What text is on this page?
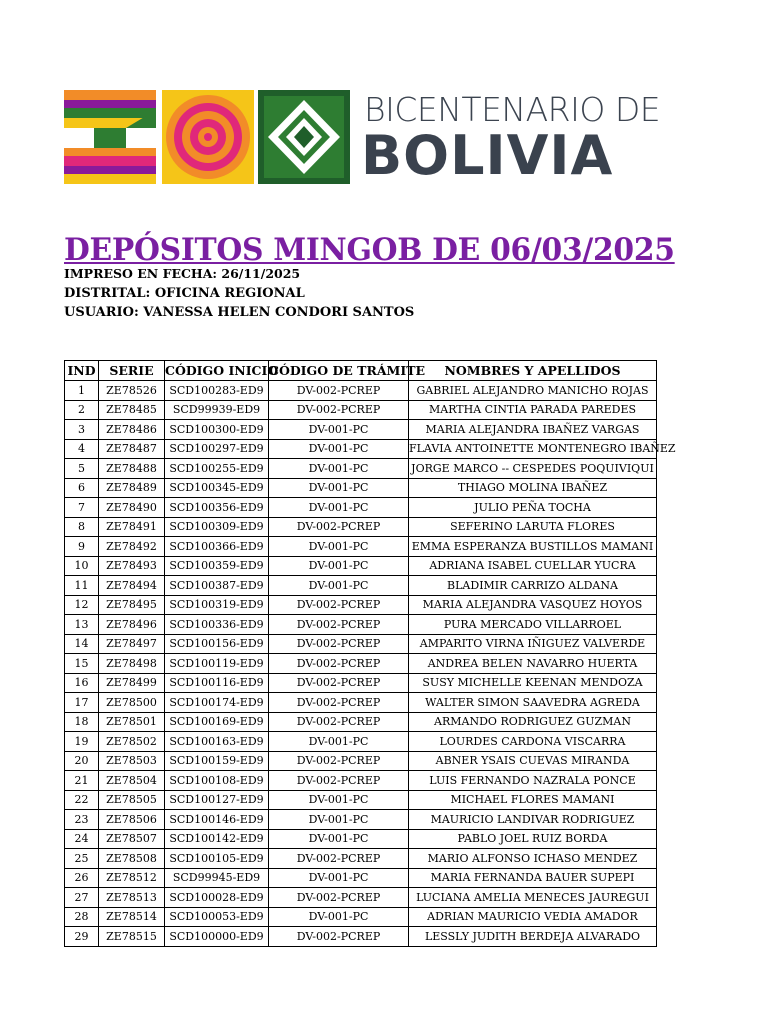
BICENTENARIO DE
BOLIVIA
DEPÓSITOS MINGOB DE 06/03/2025
IMPRESO EN FECHA: 26/11/2025
DISTRITAL: OFICINA REGIONAL
USUARIO: VANESSA HELEN CONDORI SANTOS
IND	SERIE	CÓDIGO INICIO	CÓDIGO DE TRÁMITE	NOMBRES Y APELLIDOS
1	ZE78526	SCD100283-ED9	DV-002-PCREP	GABRIEL ALEJANDRO MANICHO ROJAS
2	ZE78485	SCD99939-ED9	DV-002-PCREP	MARTHA CINTIA PARADA PAREDES
3	ZE78486	SCD100300-ED9	DV-001-PC	MARIA ALEJANDRA IBAÑEZ VARGAS
4	ZE78487	SCD100297-ED9	DV-001-PC	FLAVIA ANTOINETTE MONTENEGRO IBAÑEZ
5	ZE78488	SCD100255-ED9	DV-001-PC	JORGE MARCO -- CESPEDES POQUIVIQUI
6	ZE78489	SCD100345-ED9	DV-001-PC	THIAGO MOLINA IBAÑEZ
7	ZE78490	SCD100356-ED9	DV-001-PC	JULIO PEÑA TOCHA
8	ZE78491	SCD100309-ED9	DV-002-PCREP	SEFERINO LARUTA FLORES
9	ZE78492	SCD100366-ED9	DV-001-PC	EMMA ESPERANZA BUSTILLOS MAMANI
10	ZE78493	SCD100359-ED9	DV-001-PC	ADRIANA ISABEL CUELLAR YUCRA
11	ZE78494	SCD100387-ED9	DV-001-PC	BLADIMIR CARRIZO ALDANA
12	ZE78495	SCD100319-ED9	DV-002-PCREP	MARIA ALEJANDRA VASQUEZ HOYOS
13	ZE78496	SCD100336-ED9	DV-002-PCREP	PURA MERCADO VILLARROEL
14	ZE78497	SCD100156-ED9	DV-002-PCREP	AMPARITO VIRNA IÑIGUEZ VALVERDE
15	ZE78498	SCD100119-ED9	DV-002-PCREP	ANDREA BELEN NAVARRO HUERTA
16	ZE78499	SCD100116-ED9	DV-002-PCREP	SUSY MICHELLE KEENAN MENDOZA
17	ZE78500	SCD100174-ED9	DV-002-PCREP	WALTER SIMON SAAVEDRA AGREDA
18	ZE78501	SCD100169-ED9	DV-002-PCREP	ARMANDO RODRIGUEZ GUZMAN
19	ZE78502	SCD100163-ED9	DV-001-PC	LOURDES CARDONA VISCARRA
20	ZE78503	SCD100159-ED9	DV-002-PCREP	ABNER YSAIS CUEVAS MIRANDA
21	ZE78504	SCD100108-ED9	DV-002-PCREP	LUIS FERNANDO NAZRALA PONCE
22	ZE78505	SCD100127-ED9	DV-001-PC	MICHAEL FLORES MAMANI
23	ZE78506	SCD100146-ED9	DV-001-PC	MAURICIO LANDIVAR RODRIGUEZ
24	ZE78507	SCD100142-ED9	DV-001-PC	PABLO JOEL RUIZ BORDA
25	ZE78508	SCD100105-ED9	DV-002-PCREP	MARIO ALFONSO ICHASO MENDEZ
26	ZE78512	SCD99945-ED9	DV-001-PC	MARIA FERNANDA BAUER SUPEPI
27	ZE78513	SCD100028-ED9	DV-002-PCREP	LUCIANA AMELIA MENECES JAUREGUI
28	ZE78514	SCD100053-ED9	DV-001-PC	ADRIAN MAURICIO VEDIA AMADOR
29	ZE78515	SCD100000-ED9	DV-002-PCREP	LESSLY JUDITH BERDEJA ALVARADO
